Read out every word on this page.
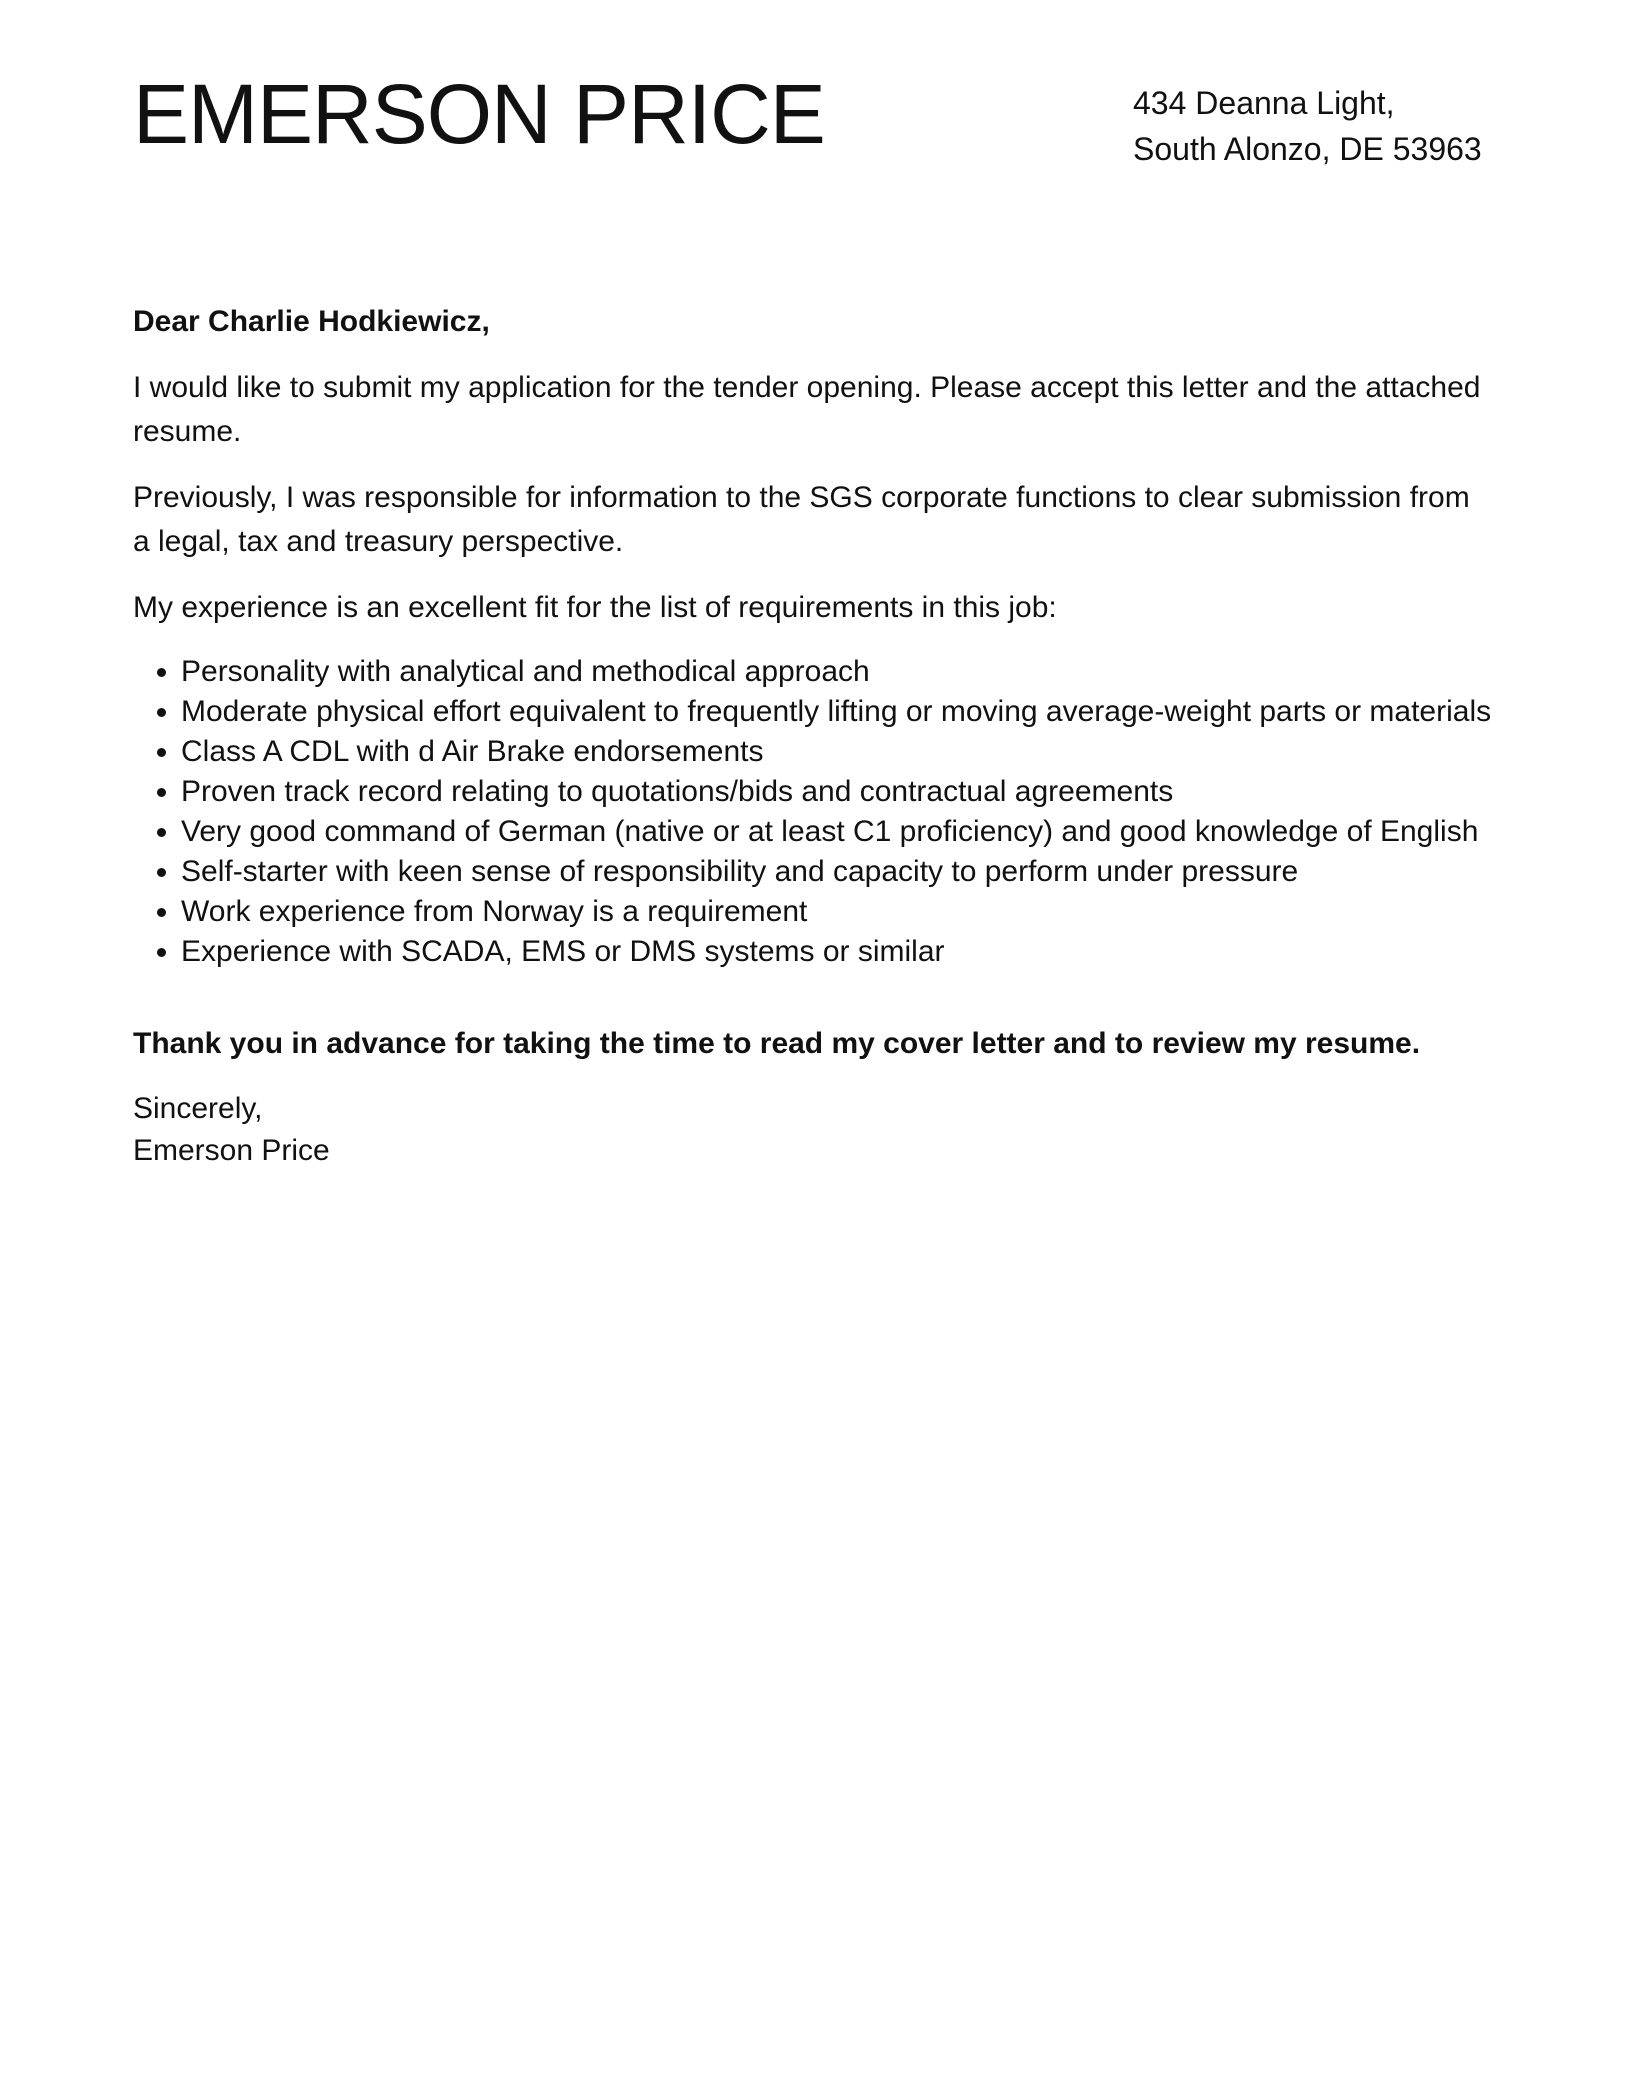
EMERSON PRICE	434 Deanna Light,
South Alonzo, DE 53963

Dear Charlie Hodkiewicz,

I would like to submit my application for the tender opening. Please accept this letter and the attached resume.

Previously, I was responsible for information to the SGS corporate functions to clear submission from a legal, tax and treasury perspective.

My experience is an excellent fit for the list of requirements in this job:

• Personality with analytical and methodical approach
• Moderate physical effort equivalent to frequently lifting or moving average-weight parts or materials
• Class A CDL with d Air Brake endorsements
• Proven track record relating to quotations/bids and contractual agreements
• Very good command of German (native or at least C1 proficiency) and good knowledge of English
• Self-starter with keen sense of responsibility and capacity to perform under pressure
• Work experience from Norway is a requirement
• Experience with SCADA, EMS or DMS systems or similar

Thank you in advance for taking the time to read my cover letter and to review my resume.

Sincerely,
Emerson Price
